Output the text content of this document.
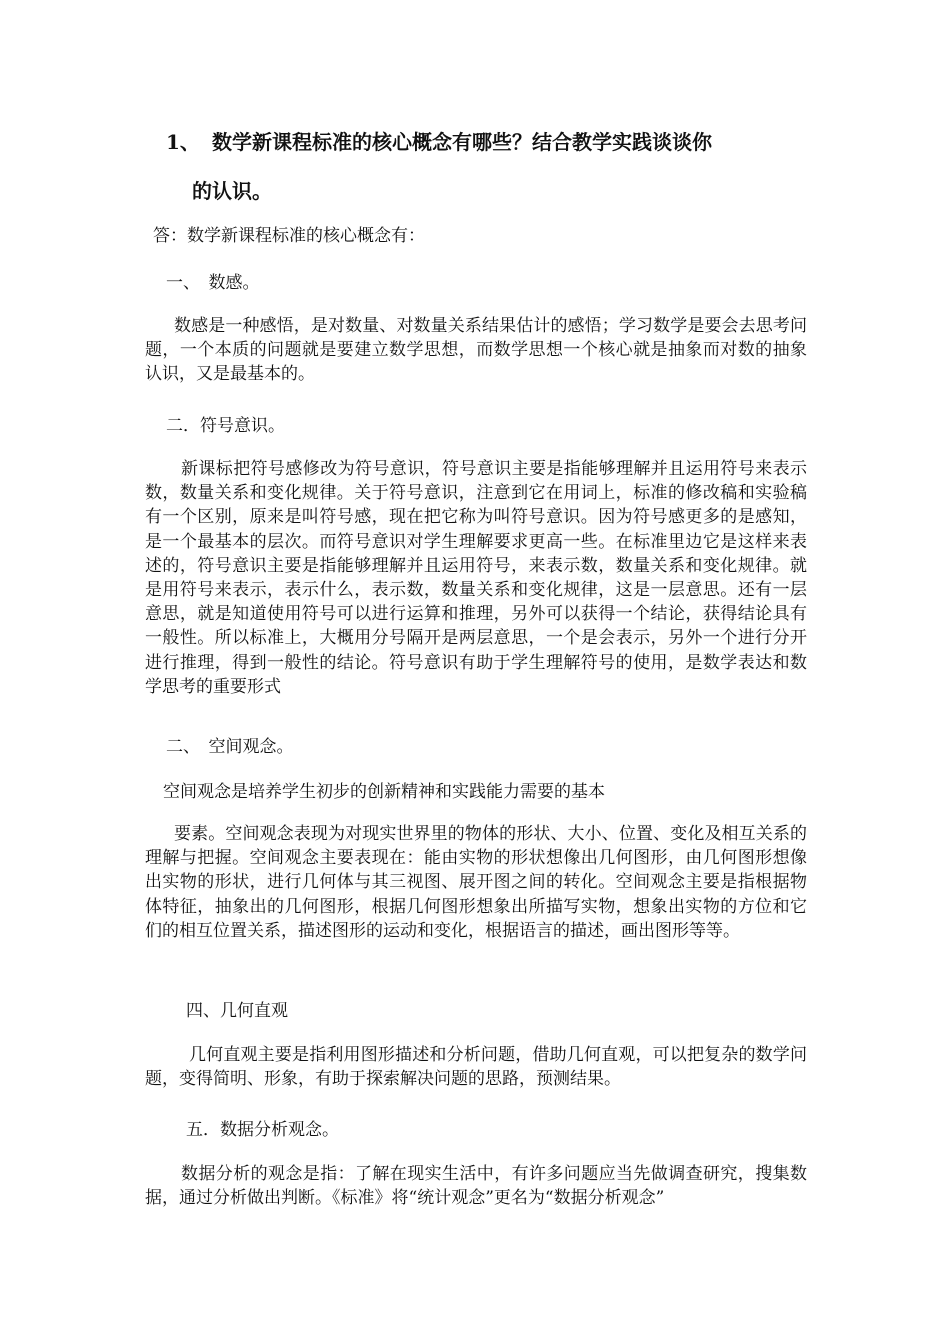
1、 数学新课程标准的核心概念有哪些？结合教学实践谈谈你
的认识。
答：数学新课程标准的核心概念有：
一、　数感。
数感是一种感悟，是对数量、对数量关系结果估计的感悟；学习数学是要会去思考问题，一个本质的问题就是要建立数学思想，而数学思想一个核心就是抽象而对数的抽象认识，又是最基本的。
二．符号意识。
新课标把符号感修改为符号意识，符号意识主要是指能够理解并且运用符号来表示数，数量关系和变化规律。关于符号意识，注意到它在用词上，标准的修改稿和实验稿有一个区别，原来是叫符号感，现在把它称为叫符号意识。因为符号感更多的是感知，是一个最基本的层次。而符号意识对学生理解要求更高一些。在标准里边它是这样来表述的，符号意识主要是指能够理解并且运用符号，来表示数，数量关系和变化规律。就是用符号来表示，表示什么，表示数，数量关系和变化规律，这是一层意思。还有一层意思，就是知道使用符号可以进行运算和推理，另外可以获得一个结论，获得结论具有一般性。所以标准上，大概用分号隔开是两层意思，一个是会表示，另外一个进行分开进行推理，得到一般性的结论。符号意识有助于学生理解符号的使用，是数学表达和数学思考的重要形式
二、　空间观念。
空间观念是培养学生初步的创新精神和实践能力需要的基本
要素。空间观念表现为对现实世界里的物体的形状、大小、位置、变化及相互关系的理解与把握。空间观念主要表现在：能由实物的形状想像出几何图形，由几何图形想像出实物的形状，进行几何体与其三视图、展开图之间的转化。空间观念主要是指根据物体特征，抽象出的几何图形，根据几何图形想象出所描写实物，想象出实物的方位和它们的相互位置关系，描述图形的运动和变化，根据语言的描述，画出图形等等。
四、几何直观
几何直观主要是指利用图形描述和分析问题，借助几何直观，可以把复杂的数学问题，变得简明、形象，有助于探索解决问题的思路，预测结果。
五．数据分析观念。
数据分析的观念是指：了解在现实生活中，有许多问题应当先做调查研究，搜集数据，通过分析做出判断。《标准》将“统计观念”更名为“数据分析观念”
